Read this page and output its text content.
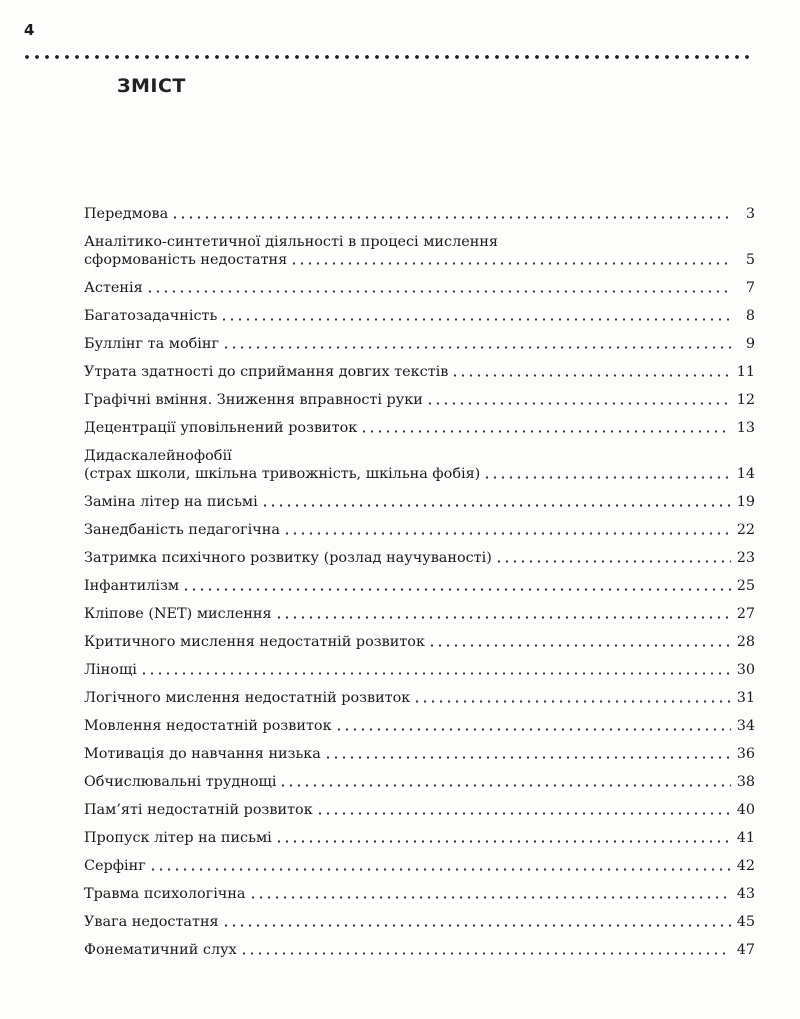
4
ЗМІСТ
Передмова	3
Аналітико-синтетичної діяльності в процесі мислення
сформованість недостатня	5
Астенія	7
Багатозадачність	8
Буллінг та мобінг	9
Утрата здатності до сприймання довгих текстів	11
Графічні вміння. Зниження вправності руки	12
Децентрації уповільнений розвиток	13
Дидаскалейнофобії
(страх школи, шкільна тривожність, шкільна фобія)	14
Заміна літер на письмі	19
Занедбаність педагогічна	22
Затримка психічного розвитку (розлад научуваності)	23
Інфантилізм	25
Кліпове (NET) мислення	27
Критичного мислення недостатній розвиток	28
Лінощі	30
Логічного мислення недостатній розвиток	31
Мовлення недостатній розвиток	34
Мотивація до навчання низька	36
Обчислювальні труднощі	38
Пам’яті недостатній розвиток	40
Пропуск літер на письмі	41
Серфінг	42
Травма психологічна	43
Увага недостатня	45
Фонематичний слух	47
